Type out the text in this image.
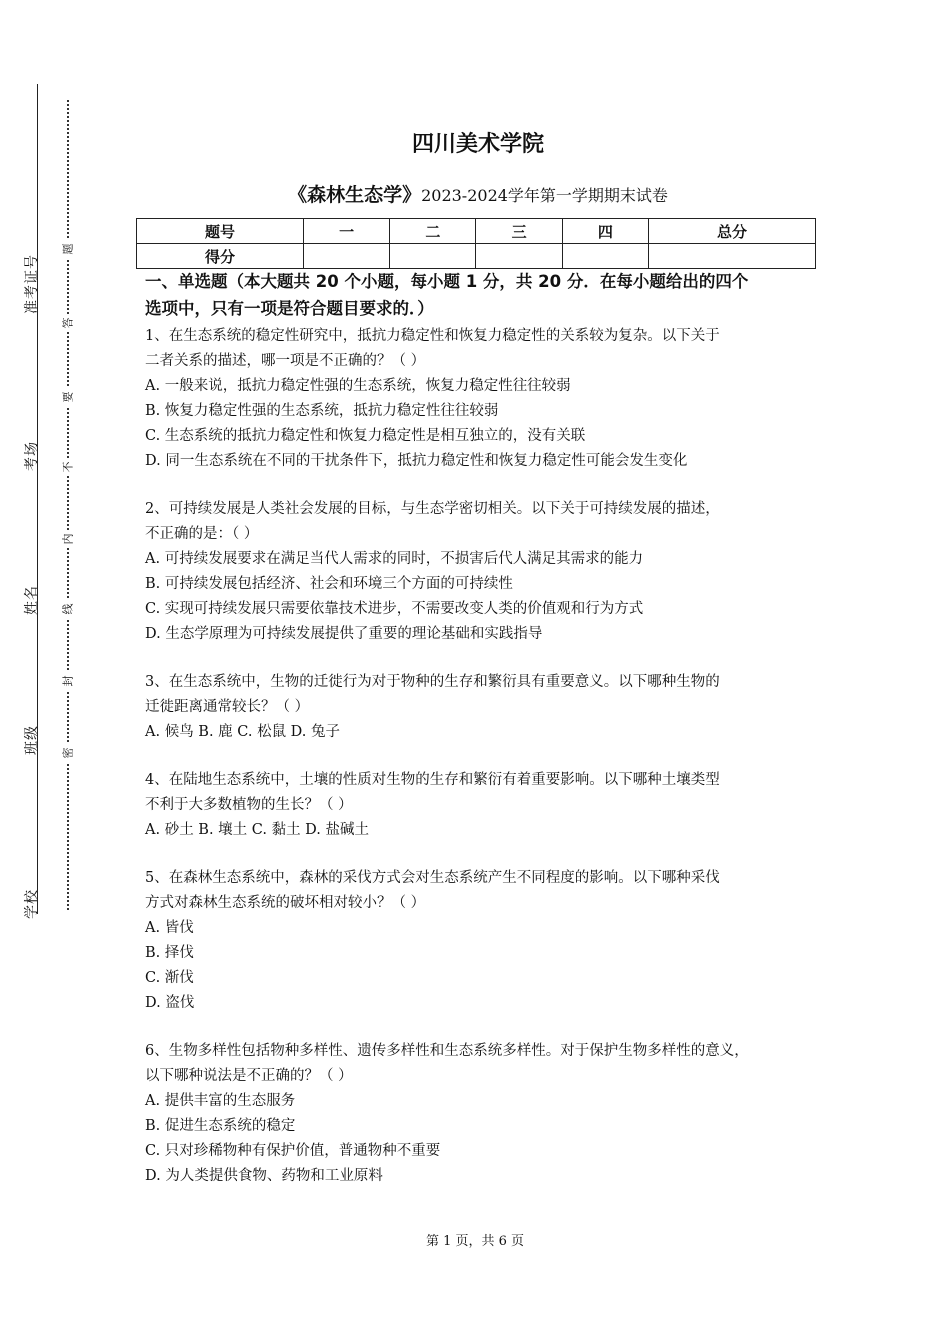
准考证号
考场
姓名
班级
学校
题
答
要
不
内
线
封
密
四川美术学院
《森林生态学》2023-2024学年第一学期期末试卷
题号	一	二	三	四	总分
得分					

一、单选题（本大题共 20 个小题，每小题 1 分，共 20 分．在每小题给出的四个

选项中，只有一项是符合题目要求的．）

1、在生态系统的稳定性研究中，抵抗力稳定性和恢复力稳定性的关系较为复杂。以下关于

二者关系的描述，哪一项是不正确的？（ ）

A. 一般来说，抵抗力稳定性强的生态系统，恢复力稳定性往往较弱

B. 恢复力稳定性强的生态系统，抵抗力稳定性往往较弱

C. 生态系统的抵抗力稳定性和恢复力稳定性是相互独立的，没有关联

D. 同一生态系统在不同的干扰条件下，抵抗力稳定性和恢复力稳定性可能会发生变化

2、可持续发展是人类社会发展的目标，与生态学密切相关。以下关于可持续发展的描述，

不正确的是：（ ）

A. 可持续发展要求在满足当代人需求的同时，不损害后代人满足其需求的能力

B. 可持续发展包括经济、社会和环境三个方面的可持续性

C. 实现可持续发展只需要依靠技术进步，不需要改变人类的价值观和行为方式

D. 生态学原理为可持续发展提供了重要的理论基础和实践指导

3、在生态系统中，生物的迁徙行为对于物种的生存和繁衍具有重要意义。以下哪种生物的

迁徙距离通常较长？（ ）

A. 候鸟 B. 鹿 C. 松鼠 D. 兔子

4、在陆地生态系统中，土壤的性质对生物的生存和繁衍有着重要影响。以下哪种土壤类型

不利于大多数植物的生长？（ ）

A. 砂土 B. 壤土 C. 黏土 D. 盐碱土

5、在森林生态系统中，森林的采伐方式会对生态系统产生不同程度的影响。以下哪种采伐

方式对森林生态系统的破坏相对较小？（ ）

A. 皆伐

B. 择伐

C. 渐伐

D. 盗伐

6、生物多样性包括物种多样性、遗传多样性和生态系统多样性。对于保护生物多样性的意义，

以下哪种说法是不正确的？（ ）

A. 提供丰富的生态服务

B. 促进生态系统的稳定

C. 只对珍稀物种有保护价值，普通物种不重要

D. 为人类提供食物、药物和工业原料

第 1 页，共 6 页
